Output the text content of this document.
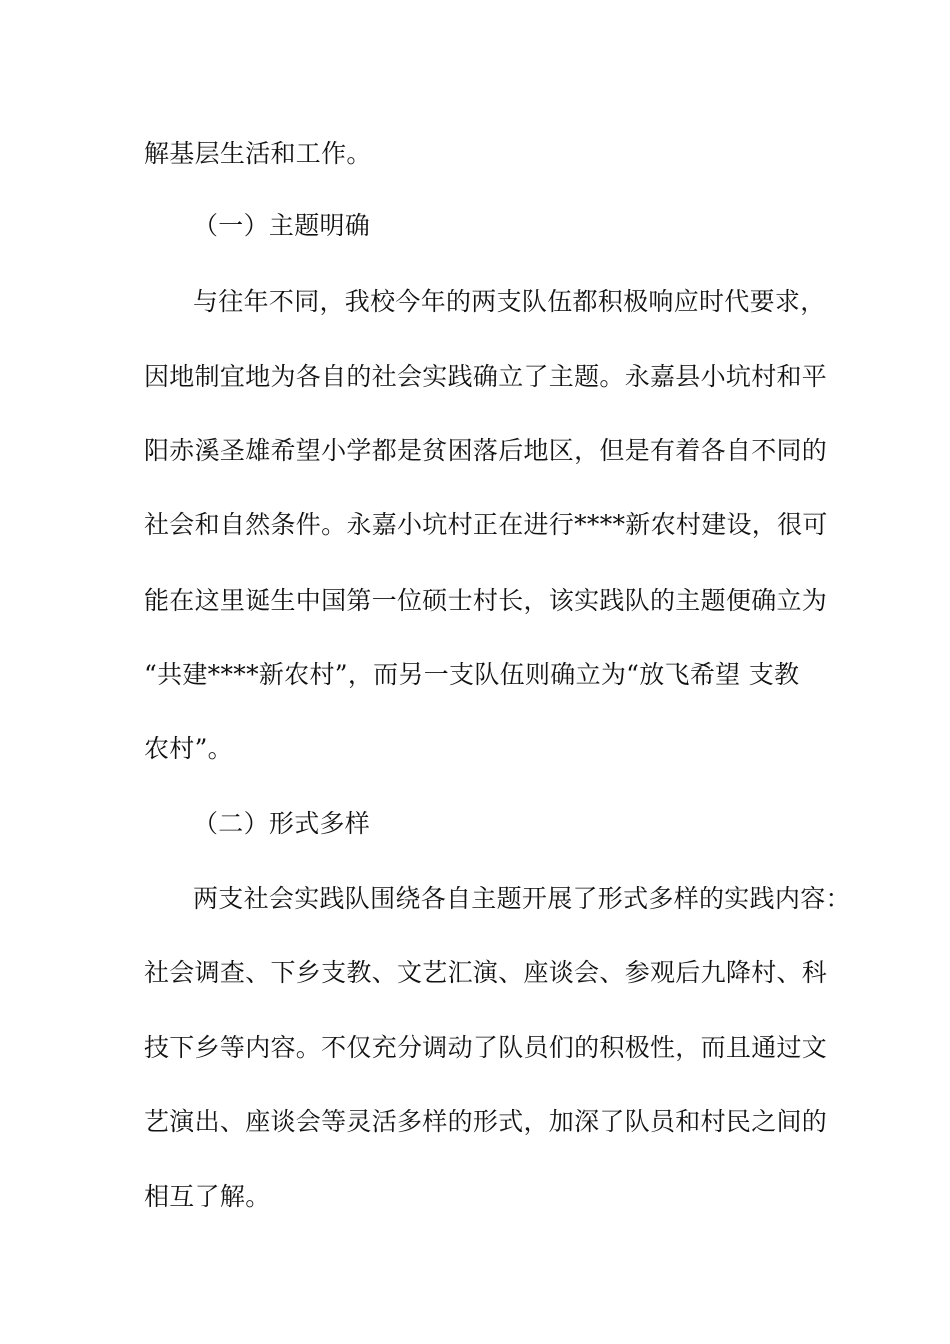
解基层生活和工作。
（一）主题明确
与往年不同，我校今年的两支队伍都积极响应时代要求，
因地制宜地为各自的社会实践确立了主题。永嘉县小坑村和平
阳赤溪圣雄希望小学都是贫困落后地区，但是有着各自不同的
社会和自然条件。永嘉小坑村正在进行****新农村建设，很可
能在这里诞生中国第一位硕士村长，该实践队的主题便确立为
“共建****新农村”，而另一支队伍则确立为“放飞希望 支教
农村”。
（二）形式多样
两支社会实践队围绕各自主题开展了形式多样的实践内容：
社会调查、下乡支教、文艺汇演、座谈会、参观后九降村、科
技下乡等内容。不仅充分调动了队员们的积极性，而且通过文
艺演出、座谈会等灵活多样的形式，加深了队员和村民之间的
相互了解。
